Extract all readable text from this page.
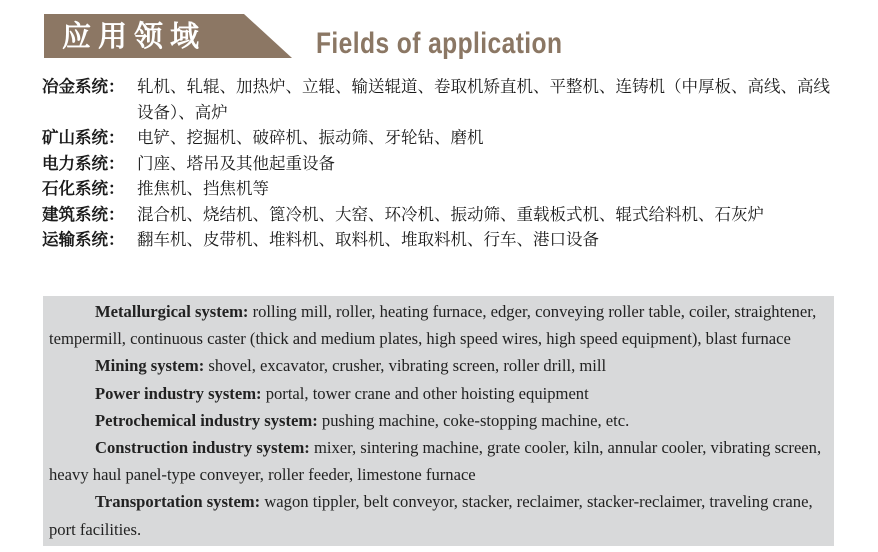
应用领域	Fields of application
冶金系统： 轧机、轧辊、加热炉、立辊、输送辊道、卷取机矫直机、平整机、连铸机（中厚板、高线、高线设备）、高炉
矿山系统： 电铲、挖掘机、破碎机、振动筛、牙轮钻、磨机
电力系统： 门座、塔吊及其他起重设备
石化系统： 推焦机、挡焦机等
建筑系统： 混合机、烧结机、篦冷机、大窑、环冷机、振动筛、重载板式机、辊式给料机、石灰炉
运输系统： 翻车机、皮带机、堆料机、取料机、堆取料机、行车、港口设备

Metallurgical system: rolling mill, roller, heating furnace, edger, conveying roller table, coiler, straightener, tempermill, continuous caster (thick and medium plates, high speed wires, high speed equipment), blast furnace

Mining system: shovel, excavator, crusher, vibrating screen, roller drill, mill

Power industry system: portal, tower crane and other hoisting equipment

Petrochemical industry system: pushing machine, coke-stopping machine, etc.

Construction industry system: mixer, sintering machine, grate cooler, kiln, annular cooler, vibrating screen, heavy haul panel-type conveyer, roller feeder, limestone furnace

Transportation system: wagon tippler, belt conveyor, stacker, reclaimer, stacker-reclaimer, traveling crane, port facilities.
